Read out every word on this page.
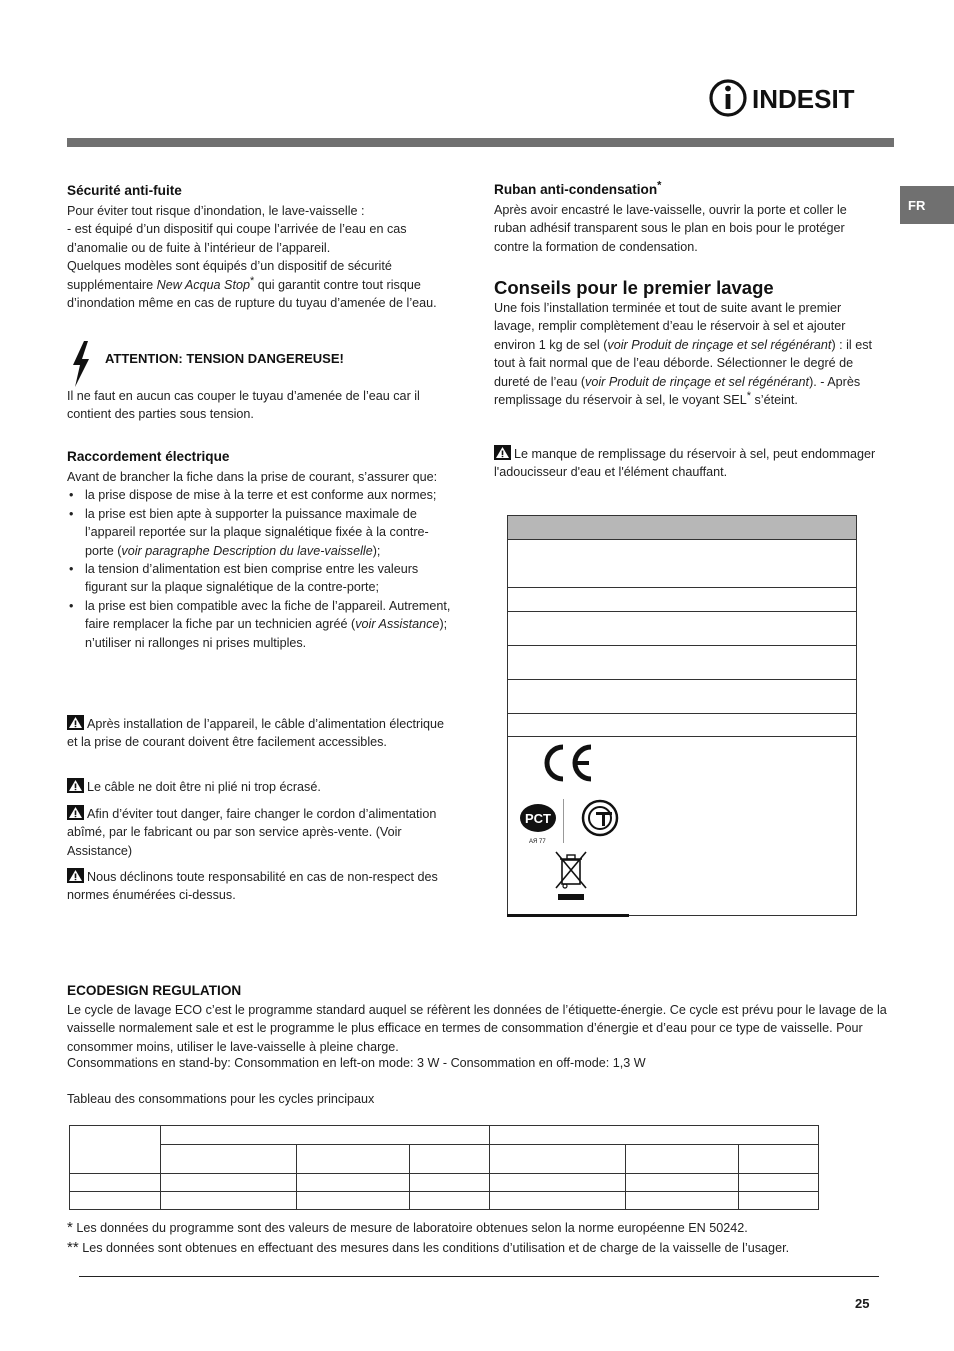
INDESIT
FR
Sécurité anti-fuite
Pour éviter tout risque d’inondation, le lave-vaisselle :
- est équipé d’un dispositif qui coupe l’arrivée de l’eau en cas d’anomalie ou de fuite à l’intérieur de l’appareil.
Quelques modèles sont équipés d’un dispositif de sécurité supplémentaire New Acqua Stop* qui garantit contre tout risque d’inondation même en cas de rupture du tuyau d’amenée de l’eau.
ATTENTION: TENSION DANGEREUSE!
Il ne faut en aucun cas couper le tuyau d’amenée de l’eau car il contient des parties sous tension.
Raccordement électrique
Avant de brancher la fiche dans la prise de courant, s’assurer que:
• la prise dispose de mise à la terre et est conforme aux normes;
• la prise est bien apte à supporter la puissance maximale de l’appareil reportée sur la plaque signalétique fixée à la contre-porte (voir paragraphe Description du lave-vaisselle);
• la tension d’alimentation est bien comprise entre les valeurs figurant sur la plaque signalétique de la contre-porte;
• la prise est bien compatible avec la fiche de l’appareil. Autrement, faire remplacer la fiche par un technicien agréé (voir Assistance); n’utiliser ni rallonges ni prises multiples.
Après installation de l’appareil, le câble d’alimentation électrique et la prise de courant doivent être facilement accessibles.
Le câble ne doit être ni plié ni trop écrasé.
Afin d’éviter tout danger, faire changer le cordon d’alimentation abîmé, par le fabricant ou par son service après-vente. (Voir Assistance)
Nous déclinons toute responsabilité en cas de non-respect des normes énumérées ci-dessus.
Ruban anti-condensation*
Après avoir encastré le lave-vaisselle, ouvrir la porte et coller le ruban adhésif transparent sous le plan en bois pour le protéger contre la formation de condensation.
Conseils pour le premier lavage
Une fois l’installation terminée et tout de suite avant le premier lavage, remplir complètement d’eau le réservoir à sel et ajouter environ 1 kg de sel (voir Produit de rinçage et sel régénérant) : il est tout à fait normal que de l’eau déborde. Sélectionner le degré de dureté de l’eau (voir Produit de rinçage et sel régénérant). - Après remplissage du réservoir à sel, le voyant SEL* s’éteint.
Le manque de remplissage du réservoir à sel, peut endommager l'adoucisseur d'eau et l'élément chauffant.
PCT
АЯ 77
ECODESIGN REGULATION
Le cycle de lavage ECO c’est le programme standard auquel se réfèrent les données de l’étiquette-énergie. Ce cycle est prévu pour le lavage de la vaisselle normalement sale et est le programme le plus efficace en termes de consommation d’énergie et d’eau pour ce type de vaisselle. Pour consommer moins, utiliser le lave-vaisselle à pleine charge.
Consommations en stand-by: Consommation en left-on mode: 3 W - Consommation en off-mode: 1,3 W
Tableau des consommations pour les cycles principaux

* Les données du programme sont des valeurs de mesure de laboratoire obtenues selon la norme européenne EN 50242.
** Les données sont obtenues en effectuant des mesures dans les conditions d’utilisation et de charge de la vaisselle de l’usager.
25
